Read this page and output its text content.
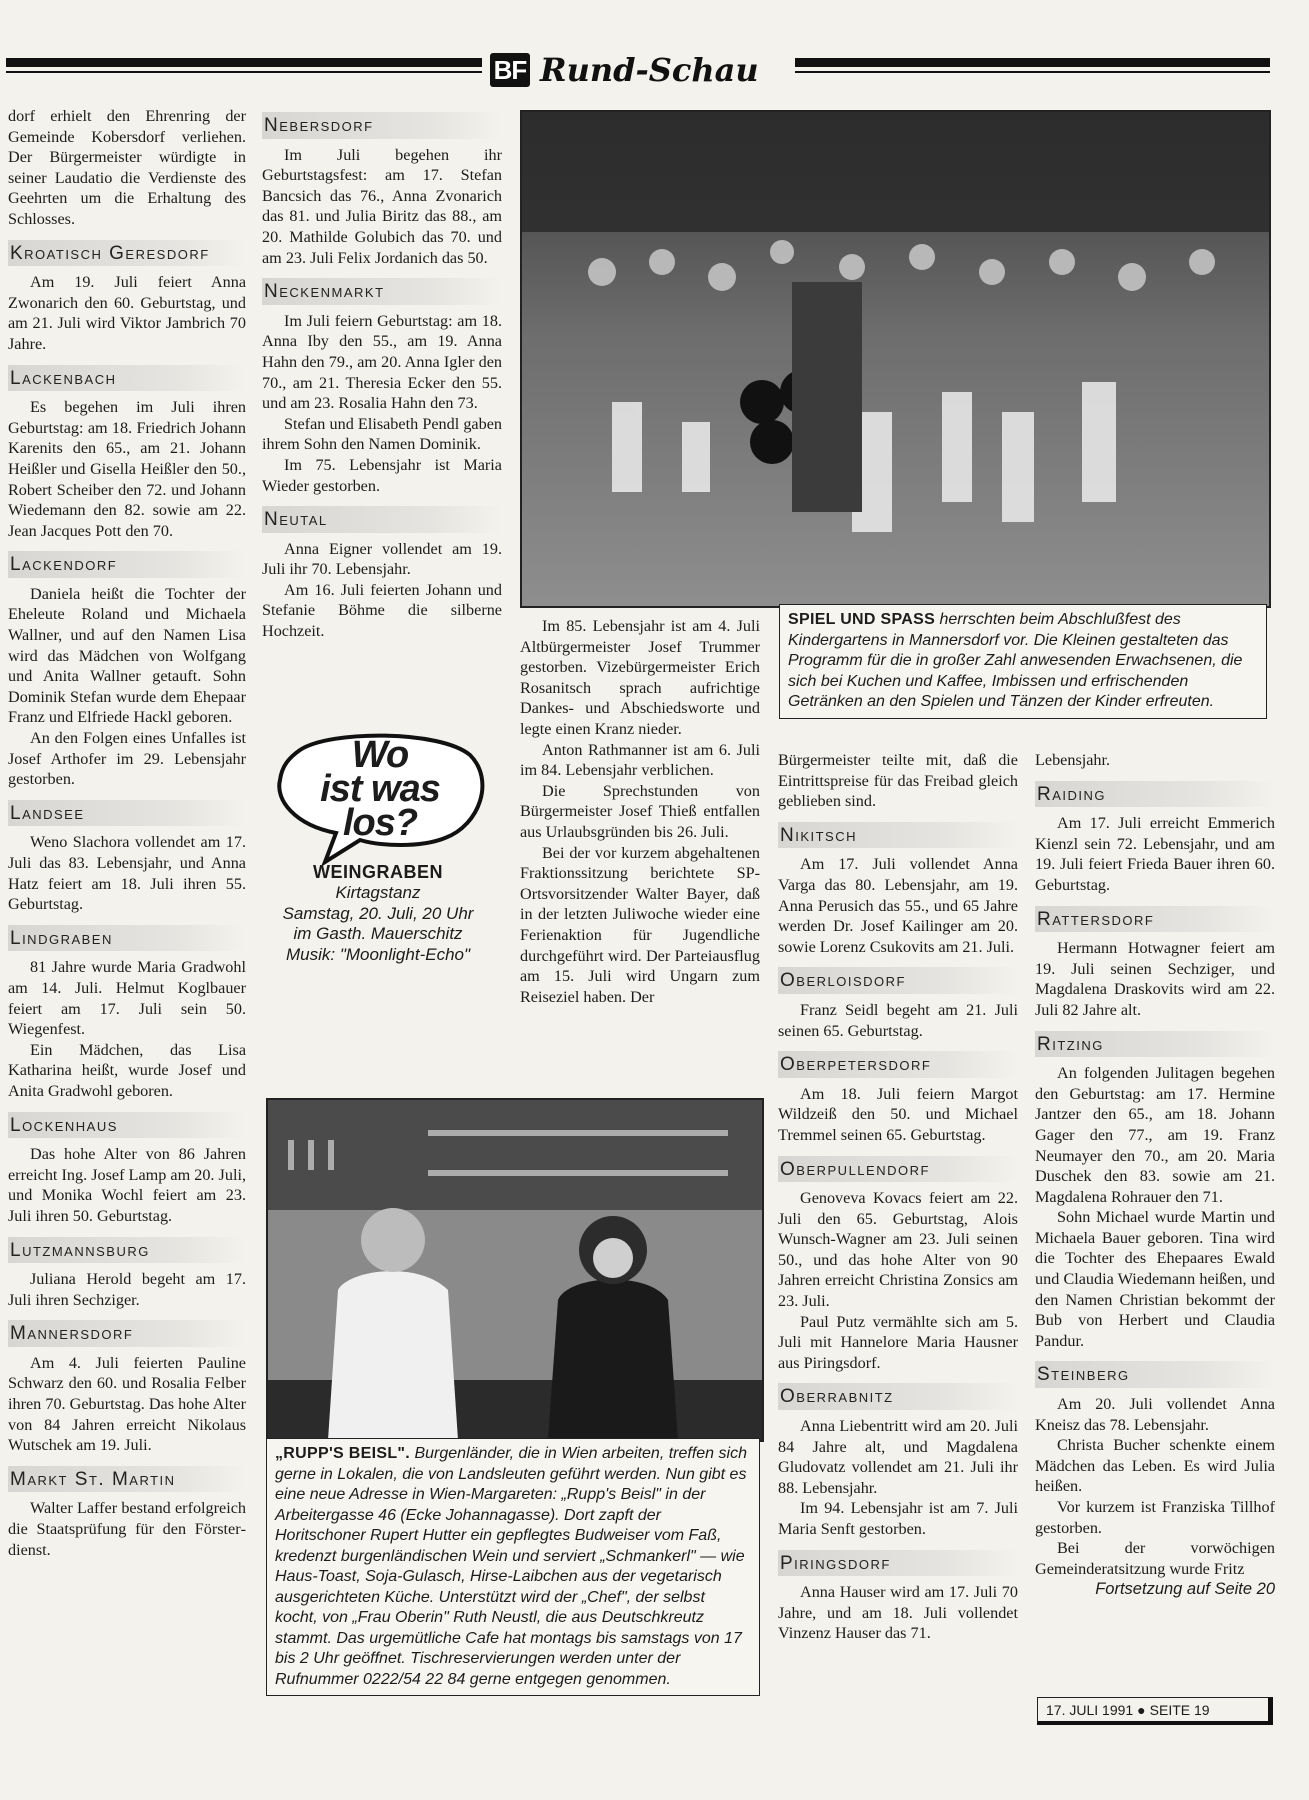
BF Rund-Schau

dorf erhielt den Ehrenring der Gemeinde Kobersdorf verliehen. Der Bürgermeister würdigte in seiner Laudatio die Verdienste des Geehrten um die Erhaltung des Schlosses.

Kroatisch Geresdorf

Am 19. Juli feiert Anna Zwonarich den 60. Geburtstag, und am 21. Juli wird Viktor Jambrich 70 Jahre.

Lackenbach

Es begehen im Juli ihren Geburtstag: am 18. Friedrich Johann Karenits den 65., am 21. Johann Heißler und Gisella Heißler den 50., Robert Scheiber den 72. und Johann Wiedemann den 82. sowie am 22. Jean Jacques Pott den 70.

Lackendorf

Daniela heißt die Tochter der Eheleute Roland und Michaela Wallner, und auf den Namen Lisa wird das Mädchen von Wolfgang und Anita Wallner getauft. Sohn Dominik Stefan wurde dem Ehepaar Franz und Elfriede Hackl geboren.

An den Folgen eines Unfalles ist Josef Arthofer im 29. Lebensjahr gestorben.

Landsee

Weno Slachora vollendet am 17. Juli das 83. Lebensjahr, und Anna Hatz feiert am 18. Juli ihren 55. Geburtstag.

Lindgraben

81 Jahre wurde Maria Gradwohl am 14. Juli. Helmut Koglbauer feiert am 17. Juli sein 50. Wiegenfest.

Ein Mädchen, das Lisa Katharina heißt, wurde Josef und Anita Gradwohl geboren.

Lockenhaus

Das hohe Alter von 86 Jahren erreicht Ing. Josef Lamp am 20. Juli, und Monika Wochl feiert am 23. Juli ihren 50. Geburtstag.

Lutzmannsburg

Juliana Herold begeht am 17. Juli ihren Sechziger.

Mannersdorf

Am 4. Juli feierten Pauline Schwarz den 60. und Rosalia Felber ihren 70. Geburtstag. Das hohe Alter von 84 Jahren erreicht Nikolaus Wutschek am 19. Juli.

Markt St. Martin

Walter Laffer bestand erfolgreich die Staatsprüfung für den Försterdienst.

Nebersdorf

Im Juli begehen ihr Geburtstagsfest: am 17. Stefan Bancsich das 76., Anna Zvonarich das 81. und Julia Biritz das 88., am 20. Mathilde Golubich das 70. und am 23. Juli Felix Jordanich das 50.

Neckenmarkt

Im Juli feiern Geburtstag: am 18. Anna Iby den 55., am 19. Anna Hahn den 79., am 20. Anna Igler den 70., am 21. Theresia Ecker den 55. und am 23. Rosalia Hahn den 73.

Stefan und Elisabeth Pendl gaben ihrem Sohn den Namen Dominik.

Im 75. Lebensjahr ist Maria Wieder gestorben.

Neutal

Anna Eigner vollendet am 19. Juli ihr 70. Lebensjahr.

Am 16. Juli feierten Johann und Stefanie Böhme die silberne Hochzeit.

Wo
ist was
los?
WEINGRABEN
Kirtagstanz
Samstag, 20. Juli, 20 Uhr
im Gasth. Mauerschitz
Musik: "Moonlight-Echo"
SPIEL UND SPASS herrschten beim Abschlußfest des Kindergartens in Mannersdorf vor. Die Kleinen gestalteten das Programm für die in großer Zahl anwesenden Erwachsenen, die sich bei Kuchen und Kaffee, Imbissen und erfrischenden Getränken an den Spielen und Tänzen der Kinder erfreuten.

Im 85. Lebensjahr ist am 4. Juli Altbürgermeister Josef Trummer gestorben. Vizebürgermeister Erich Rosanitsch sprach aufrichtige Dankes- und Abschiedsworte und legte einen Kranz nieder.

Anton Rathmanner ist am 6. Juli im 84. Lebensjahr verblichen.

Die Sprechstunden von Bürgermeister Josef Thieß entfallen aus Urlaubsgründen bis 26. Juli.

Bei der vor kurzem abgehaltenen Fraktionssitzung berichtete SP-Ortsvorsitzender Walter Bayer, daß in der letzten Juliwoche wieder eine Ferienaktion für Jugendliche durchgeführt wird. Der Parteiausflug am 15. Juli wird Ungarn zum Reiseziel haben. Der

„RUPP'S BEISL". Burgenländer, die in Wien arbeiten, treffen sich gerne in Lokalen, die von Landsleuten geführt werden. Nun gibt es eine neue Adresse in Wien-Margareten: „Rupp's Beisl" in der Arbeitergasse 46 (Ecke Johannagasse). Dort zapft der Horitschoner Rupert Hutter ein gepflegtes Budweiser vom Faß, kredenzt burgenländischen Wein und serviert „Schmankerl" — wie Haus-Toast, Soja-Gulasch, Hirse-Laibchen aus der vegetarisch ausgerichteten Küche. Unterstützt wird der „Chef", der selbst kocht, von „Frau Oberin" Ruth Neustl, die aus Deutschkreutz stammt. Das urgemütliche Cafe hat montags bis samstags von 17 bis 2 Uhr geöffnet. Tischreservierungen werden unter der Rufnummer 0222/54 22 84 gerne entgegen genommen.

Bürgermeister teilte mit, daß die Eintrittspreise für das Freibad gleich geblieben sind.

Nikitsch

Am 17. Juli vollendet Anna Varga das 80. Lebensjahr, am 19. Anna Perusich das 55., und 65 Jahre werden Dr. Josef Kailinger am 20. sowie Lorenz Csukovits am 21. Juli.

Oberloisdorf

Franz Seidl begeht am 21. Juli seinen 65. Geburtstag.

Oberpetersdorf

Am 18. Juli feiern Margot Wildzeiß den 50. und Michael Tremmel seinen 65. Geburtstag.

Oberpullendorf

Genoveva Kovacs feiert am 22. Juli den 65. Geburtstag, Alois Wunsch-Wagner am 23. Juli seinen 50., und das hohe Alter von 90 Jahren erreicht Christina Zonsics am 23. Juli.

Paul Putz vermählte sich am 5. Juli mit Hannelore Maria Hausner aus Piringsdorf.

Oberrabnitz

Anna Liebentritt wird am 20. Juli 84 Jahre alt, und Magdalena Gludovatz vollendet am 21. Juli ihr 88. Lebensjahr.

Im 94. Lebensjahr ist am 7. Juli Maria Senft gestorben.

Piringsdorf

Anna Hauser wird am 17. Juli 70 Jahre, und am 18. Juli vollendet Vinzenz Hauser das 71.

Lebensjahr.

Raiding

Am 17. Juli erreicht Emmerich Kienzl sein 72. Lebensjahr, und am 19. Juli feiert Frieda Bauer ihren 60. Geburtstag.

Rattersdorf

Hermann Hotwagner feiert am 19. Juli seinen Sechziger, und Magdalena Draskovits wird am 22. Juli 82 Jahre alt.

Ritzing

An folgenden Julitagen begehen den Geburtstag: am 17. Hermine Jantzer den 65., am 18. Johann Gager den 77., am 19. Franz Neumayer den 70., am 20. Maria Duschek den 83. sowie am 21. Magdalena Rohrauer den 71.

Sohn Michael wurde Martin und Michaela Bauer geboren. Tina wird die Tochter des Ehepaares Ewald und Claudia Wiedemann heißen, und den Namen Christian bekommt der Bub von Herbert und Claudia Pandur.

Steinberg

Am 20. Juli vollendet Anna Kneisz das 78. Lebensjahr.

Christa Bucher schenkte einem Mädchen das Leben. Es wird Julia heißen.

Vor kurzem ist Franziska Tillhof gestorben.

Bei der vorwöchigen Gemeinderatsitzung wurde Fritz

Fortsetzung auf Seite 20
17. JULI 1991 ● SEITE 19
